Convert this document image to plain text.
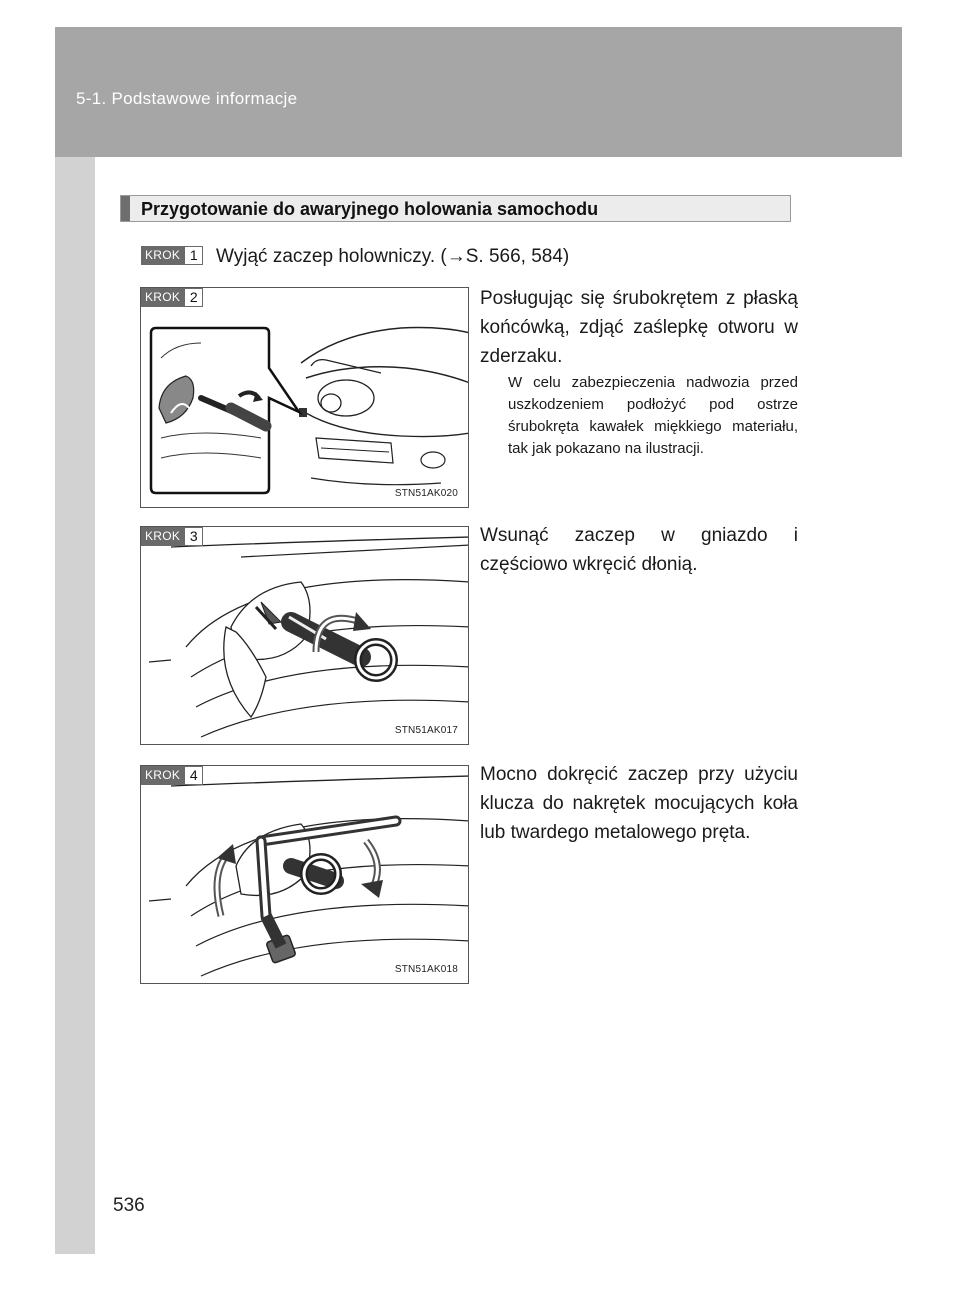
5-1. Podstawowe informacje
Przygotowanie do awaryjnego holowania samochodu
KROK 1 Wyjąć zaczep holowniczy. (→S. 566, 584)
STN51AK020
KROK 2	Posługując się śrubokrętem z płaską końcówką, zdjąć zaślepkę otworu w zderzaku.
W celu zabezpieczenia nadwozia przed uszkodzeniem podłożyć pod ostrze śrubokręta kawałek miękkiego materiału, tak jak pokazano na ilustracji.
STN51AK017
KROK 3	Wsunąć zaczep w gniazdo i częściowo wkręcić dłonią.
STN51AK018
KROK 4	Mocno dokręcić zaczep przy użyciu klucza do nakrętek mocujących koła lub twardego metalowego pręta.
536
